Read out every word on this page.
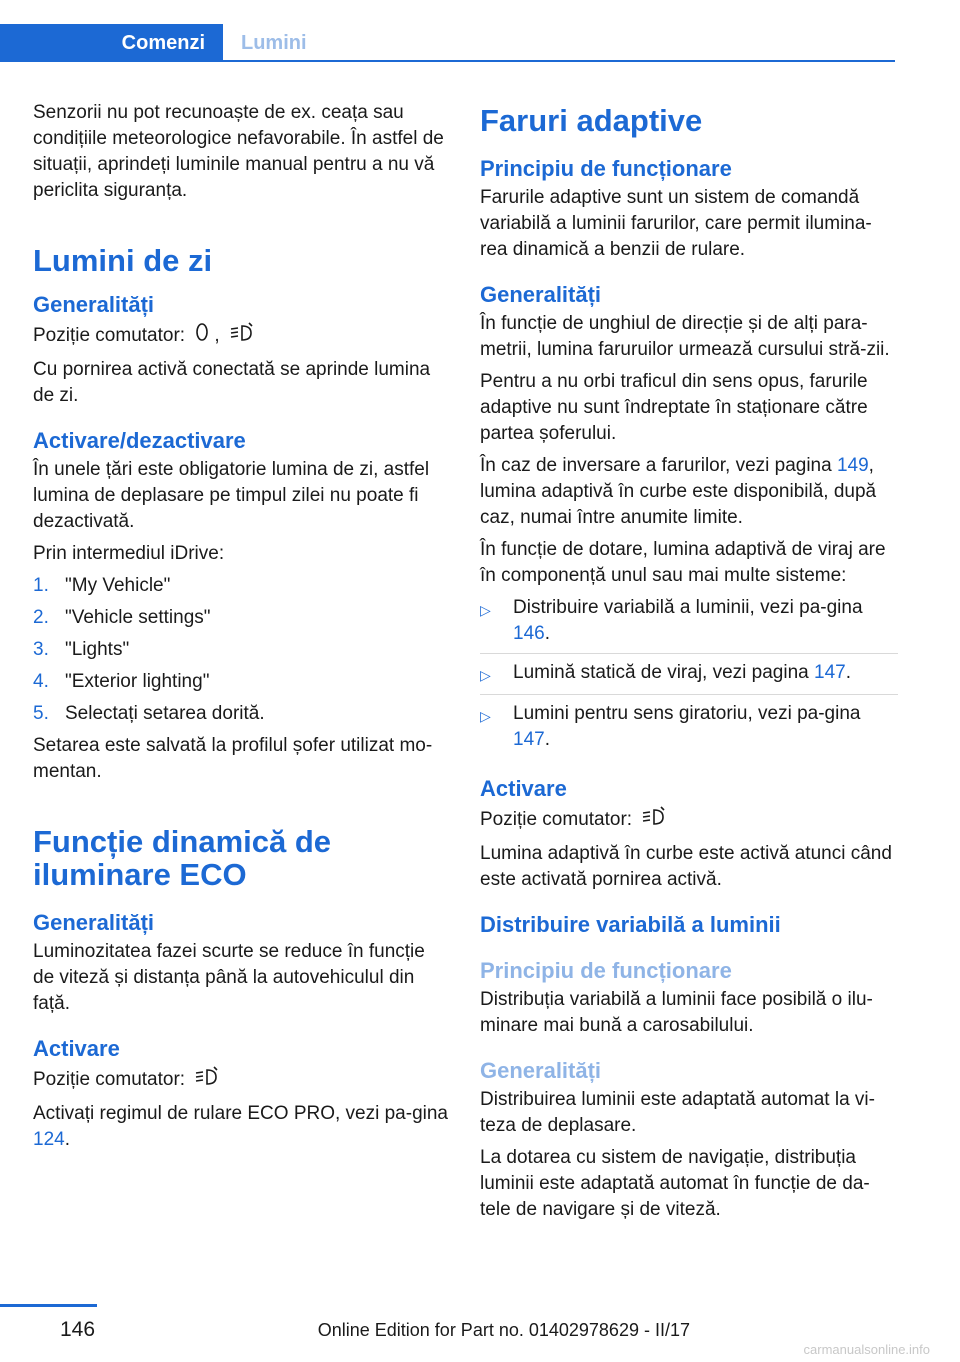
Comenzi	Lumini

Senzorii nu pot recunoaște de ex. ceața sau condițiile meteorologice nefavorabile. În astfel de situații, aprindeți luminile manual pentru a nu vă periclita siguranța.

Lumini de zi
Generalități

Poziție comutator: ,

Cu pornirea activă conectată se aprinde lumina de zi.

Activare/dezactivare

În unele țări este obligatorie lumina de zi, astfel lumina de deplasare pe timpul zilei nu poate fi dezactivată.

Prin intermediul iDrive:

1. "My Vehicle"
2. "Vehicle settings"
3. "Lights"
4. "Exterior lighting"
5. Selectați setarea dorită.

Setarea este salvată la profilul șofer utilizat mo‐mentan.

Funcție dinamică de iluminare ECO
Generalități

Luminozitatea fazei scurte se reduce în funcție de viteză și distanța până la autovehiculul din față.

Activare

Poziție comutator:

Activați regimul de rulare ECO PRO, vezi pa‐gina 124.

Faruri adaptive
Principiu de funcționare

Farurile adaptive sunt un sistem de comandă variabilă a luminii farurilor, care permit ilumina‐rea dinamică a benzii de rulare.

Generalități

În funcție de unghiul de direcție și de alți para‐metrii, lumina faruruilor urmează cursului stră‐zii.

Pentru a nu orbi traficul din sens opus, farurile adaptive nu sunt îndreptate în staționare către partea șoferului.

În caz de inversare a farurilor, vezi pagina 149, lumina adaptivă în curbe este disponibilă, după caz, numai între anumite limite.

În funcție de dotare, lumina adaptivă de viraj are în componență unul sau mai multe sisteme:

▷	Distribuire variabilă a luminii, vezi pa‐gina 146.
▷	Lumină statică de viraj, vezi pagina 147.
▷	Lumini pentru sens giratoriu, vezi pa‐gina 147.
Activare

Poziție comutator:

Lumina adaptivă în curbe este activă atunci când este activată pornirea activă.

Distribuire variabilă a luminii
Principiu de funcționare

Distribuția variabilă a luminii face posibilă o ilu‐minare mai bună a carosabilului.

Generalități

Distribuirea luminii este adaptată automat la vi‐teza de deplasare.

La dotarea cu sistem de navigație, distribuția luminii este adaptată automat în funcție de da‐tele de navigare și de viteză.

146	Online Edition for Part no. 01402978629 - II/17
carmanualsonline.info
